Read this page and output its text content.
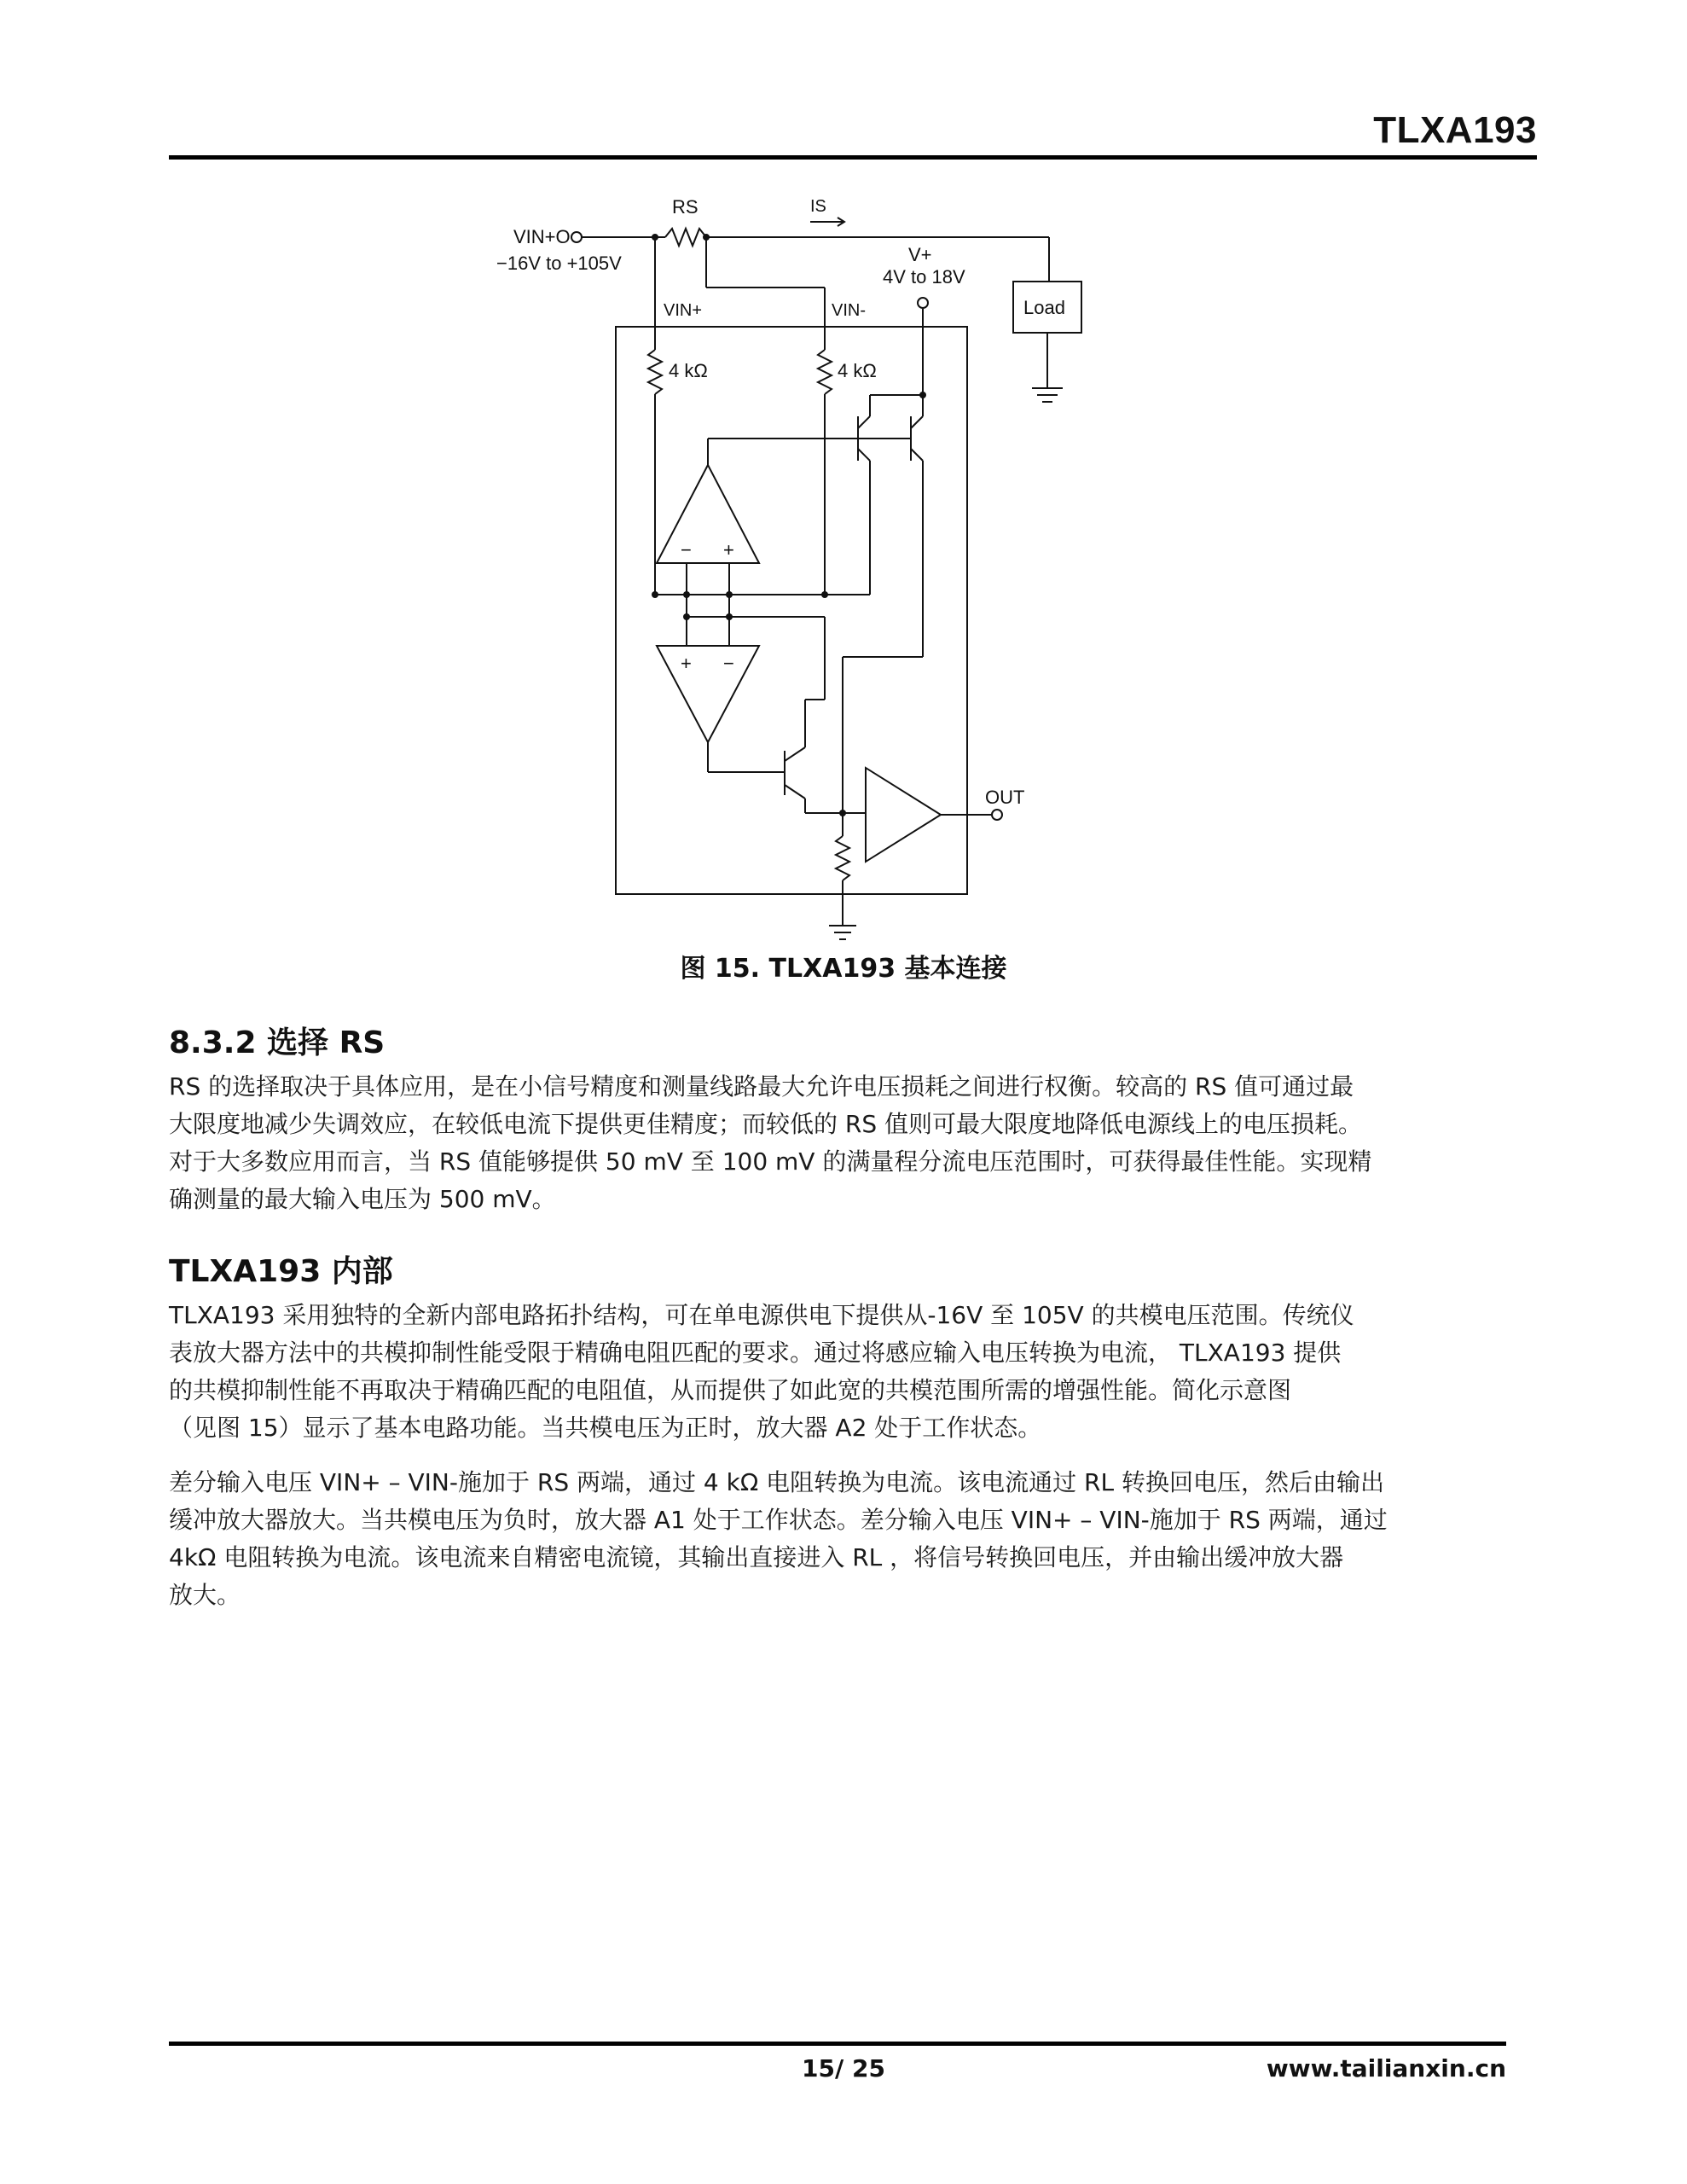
TLXA193
RS	IS
VIN+O
−16V to +105V	V+
4V to 18V
Load
VIN+	VIN-
4 kΩ	4 kΩ
OUT
− +
+ −
图 15. TLXA193 基本连接
8.3.2 选择 RS
RS 的选择取决于具体应用，是在小信号精度和测量线路最大允许电压损耗之间进行权衡。较高的 RS 值可通过最
大限度地减少失调效应，在较低电流下提供更佳精度；而较低的 RS 值则可最大限度地降低电源线上的电压损耗。
对于大多数应用而言，当 RS 值能够提供 50 mV 至 100 mV 的满量程分流电压范围时，可获得最佳性能。实现精
确测量的最大输入电压为 500 mV。
TLXA193 内部
TLXA193 采用独特的全新内部电路拓扑结构，可在单电源供电下提供从-16V 至 105V 的共模电压范围。传统仪
表放大器方法中的共模抑制性能受限于精确电阻匹配的要求。通过将感应输入电压转换为电流， TLXA193 提供
的共模抑制性能不再取决于精确匹配的电阻值，从而提供了如此宽的共模范围所需的增强性能。简化示意图
（见图 15）显示了基本电路功能。当共模电压为正时，放大器 A2 处于工作状态。
差分输入电压 VIN+ – VIN-施加于 RS 两端，通过 4 kΩ 电阻转换为电流。该电流通过 RL 转换回电压，然后由输出
缓冲放大器放大。当共模电压为负时，放大器 A1 处于工作状态。差分输入电压 VIN+ – VIN-施加于 RS 两端，通过
4kΩ 电阻转换为电流。该电流来自精密电流镜，其输出直接进入 RL ，将信号转换回电压，并由输出缓冲放大器
放大。
15/ 25	www.tailianxin.cn
